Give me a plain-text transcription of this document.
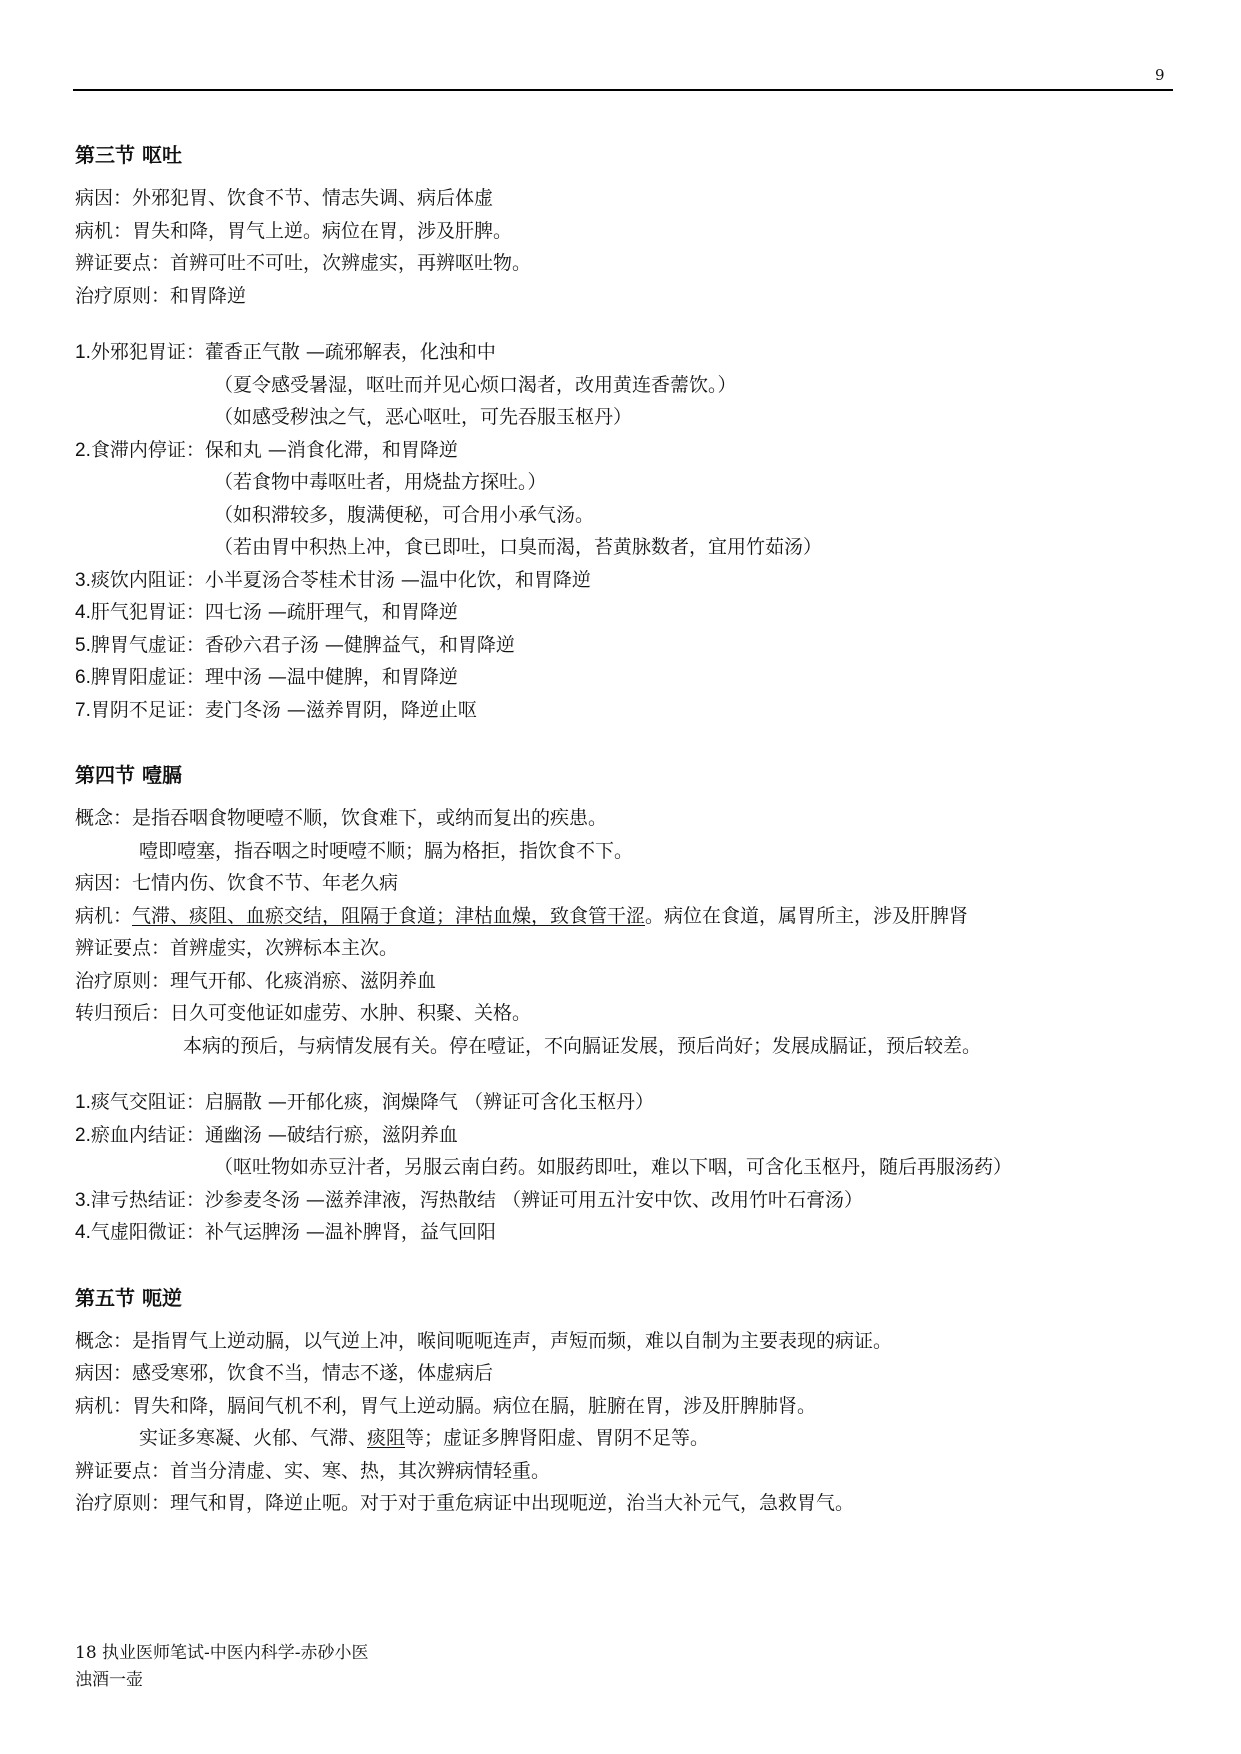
9
第三节 呕吐
病因：外邪犯胃、饮食不节、情志失调、病后体虚
病机：胃失和降，胃气上逆。病位在胃，涉及肝脾。
辨证要点：首辨可吐不可吐，次辨虚实，再辨呕吐物。
治疗原则：和胃降逆
1.外邪犯胃证：藿香正气散 —疏邪解表，化浊和中
（夏令感受暑湿，呕吐而并见心烦口渴者，改用黄连香薷饮。）
（如感受秽浊之气，恶心呕吐，可先吞服玉枢丹）
2.食滞内停证：保和丸 —消食化滞，和胃降逆
（若食物中毒呕吐者，用烧盐方探吐。）
（如积滞较多，腹满便秘，可合用小承气汤。
（若由胃中积热上冲，食已即吐，口臭而渴，苔黄脉数者，宜用竹茹汤）
3.痰饮内阻证：小半夏汤合苓桂术甘汤 —温中化饮，和胃降逆
4.肝气犯胃证：四七汤 —疏肝理气，和胃降逆
5.脾胃气虚证：香砂六君子汤 —健脾益气，和胃降逆
6.脾胃阳虚证：理中汤 —温中健脾，和胃降逆
7.胃阴不足证：麦门冬汤 —滋养胃阴，降逆止呕
第四节 噎膈
概念：是指吞咽食物哽噎不顺，饮食难下，或纳而复出的疾患。
噎即噎塞，指吞咽之时哽噎不顺；膈为格拒，指饮食不下。
病因：七情内伤、饮食不节、年老久病
病机：气滞、痰阻、血瘀交结，阻隔于食道；津枯血燥，致食管干涩。病位在食道，属胃所主，涉及肝脾肾
辨证要点：首辨虚实，次辨标本主次。
治疗原则：理气开郁、化痰消瘀、滋阴养血
转归预后：日久可变他证如虚劳、水肿、积聚、关格。
本病的预后，与病情发展有关。停在噎证，不向膈证发展，预后尚好；发展成膈证，预后较差。
1.痰气交阻证：启膈散 —开郁化痰，润燥降气 （辨证可含化玉枢丹）
2.瘀血内结证：通幽汤 —破结行瘀，滋阴养血
（呕吐物如赤豆汁者，另服云南白药。如服药即吐，难以下咽，可含化玉枢丹，随后再服汤药）
3.津亏热结证：沙参麦冬汤 —滋养津液，泻热散结 （辨证可用五汁安中饮、改用竹叶石膏汤）
4.气虚阳微证：补气运脾汤 —温补脾肾，益气回阳
第五节 呃逆
概念：是指胃气上逆动膈，以气逆上冲，喉间呃呃连声，声短而频，难以自制为主要表现的病证。
病因：感受寒邪，饮食不当，情志不遂，体虚病后
病机：胃失和降，膈间气机不利，胃气上逆动膈。病位在膈，脏腑在胃，涉及肝脾肺肾。
实证多寒凝、火郁、气滞、痰阻等；虚证多脾肾阳虚、胃阴不足等。
辨证要点：首当分清虚、实、寒、热，其次辨病情轻重。
治疗原则：理气和胃，降逆止呃。对于对于重危病证中出现呃逆，治当大补元气，急救胃气。
18 执业医师笔试-中医内科学-赤砂小医
浊酒一壶
